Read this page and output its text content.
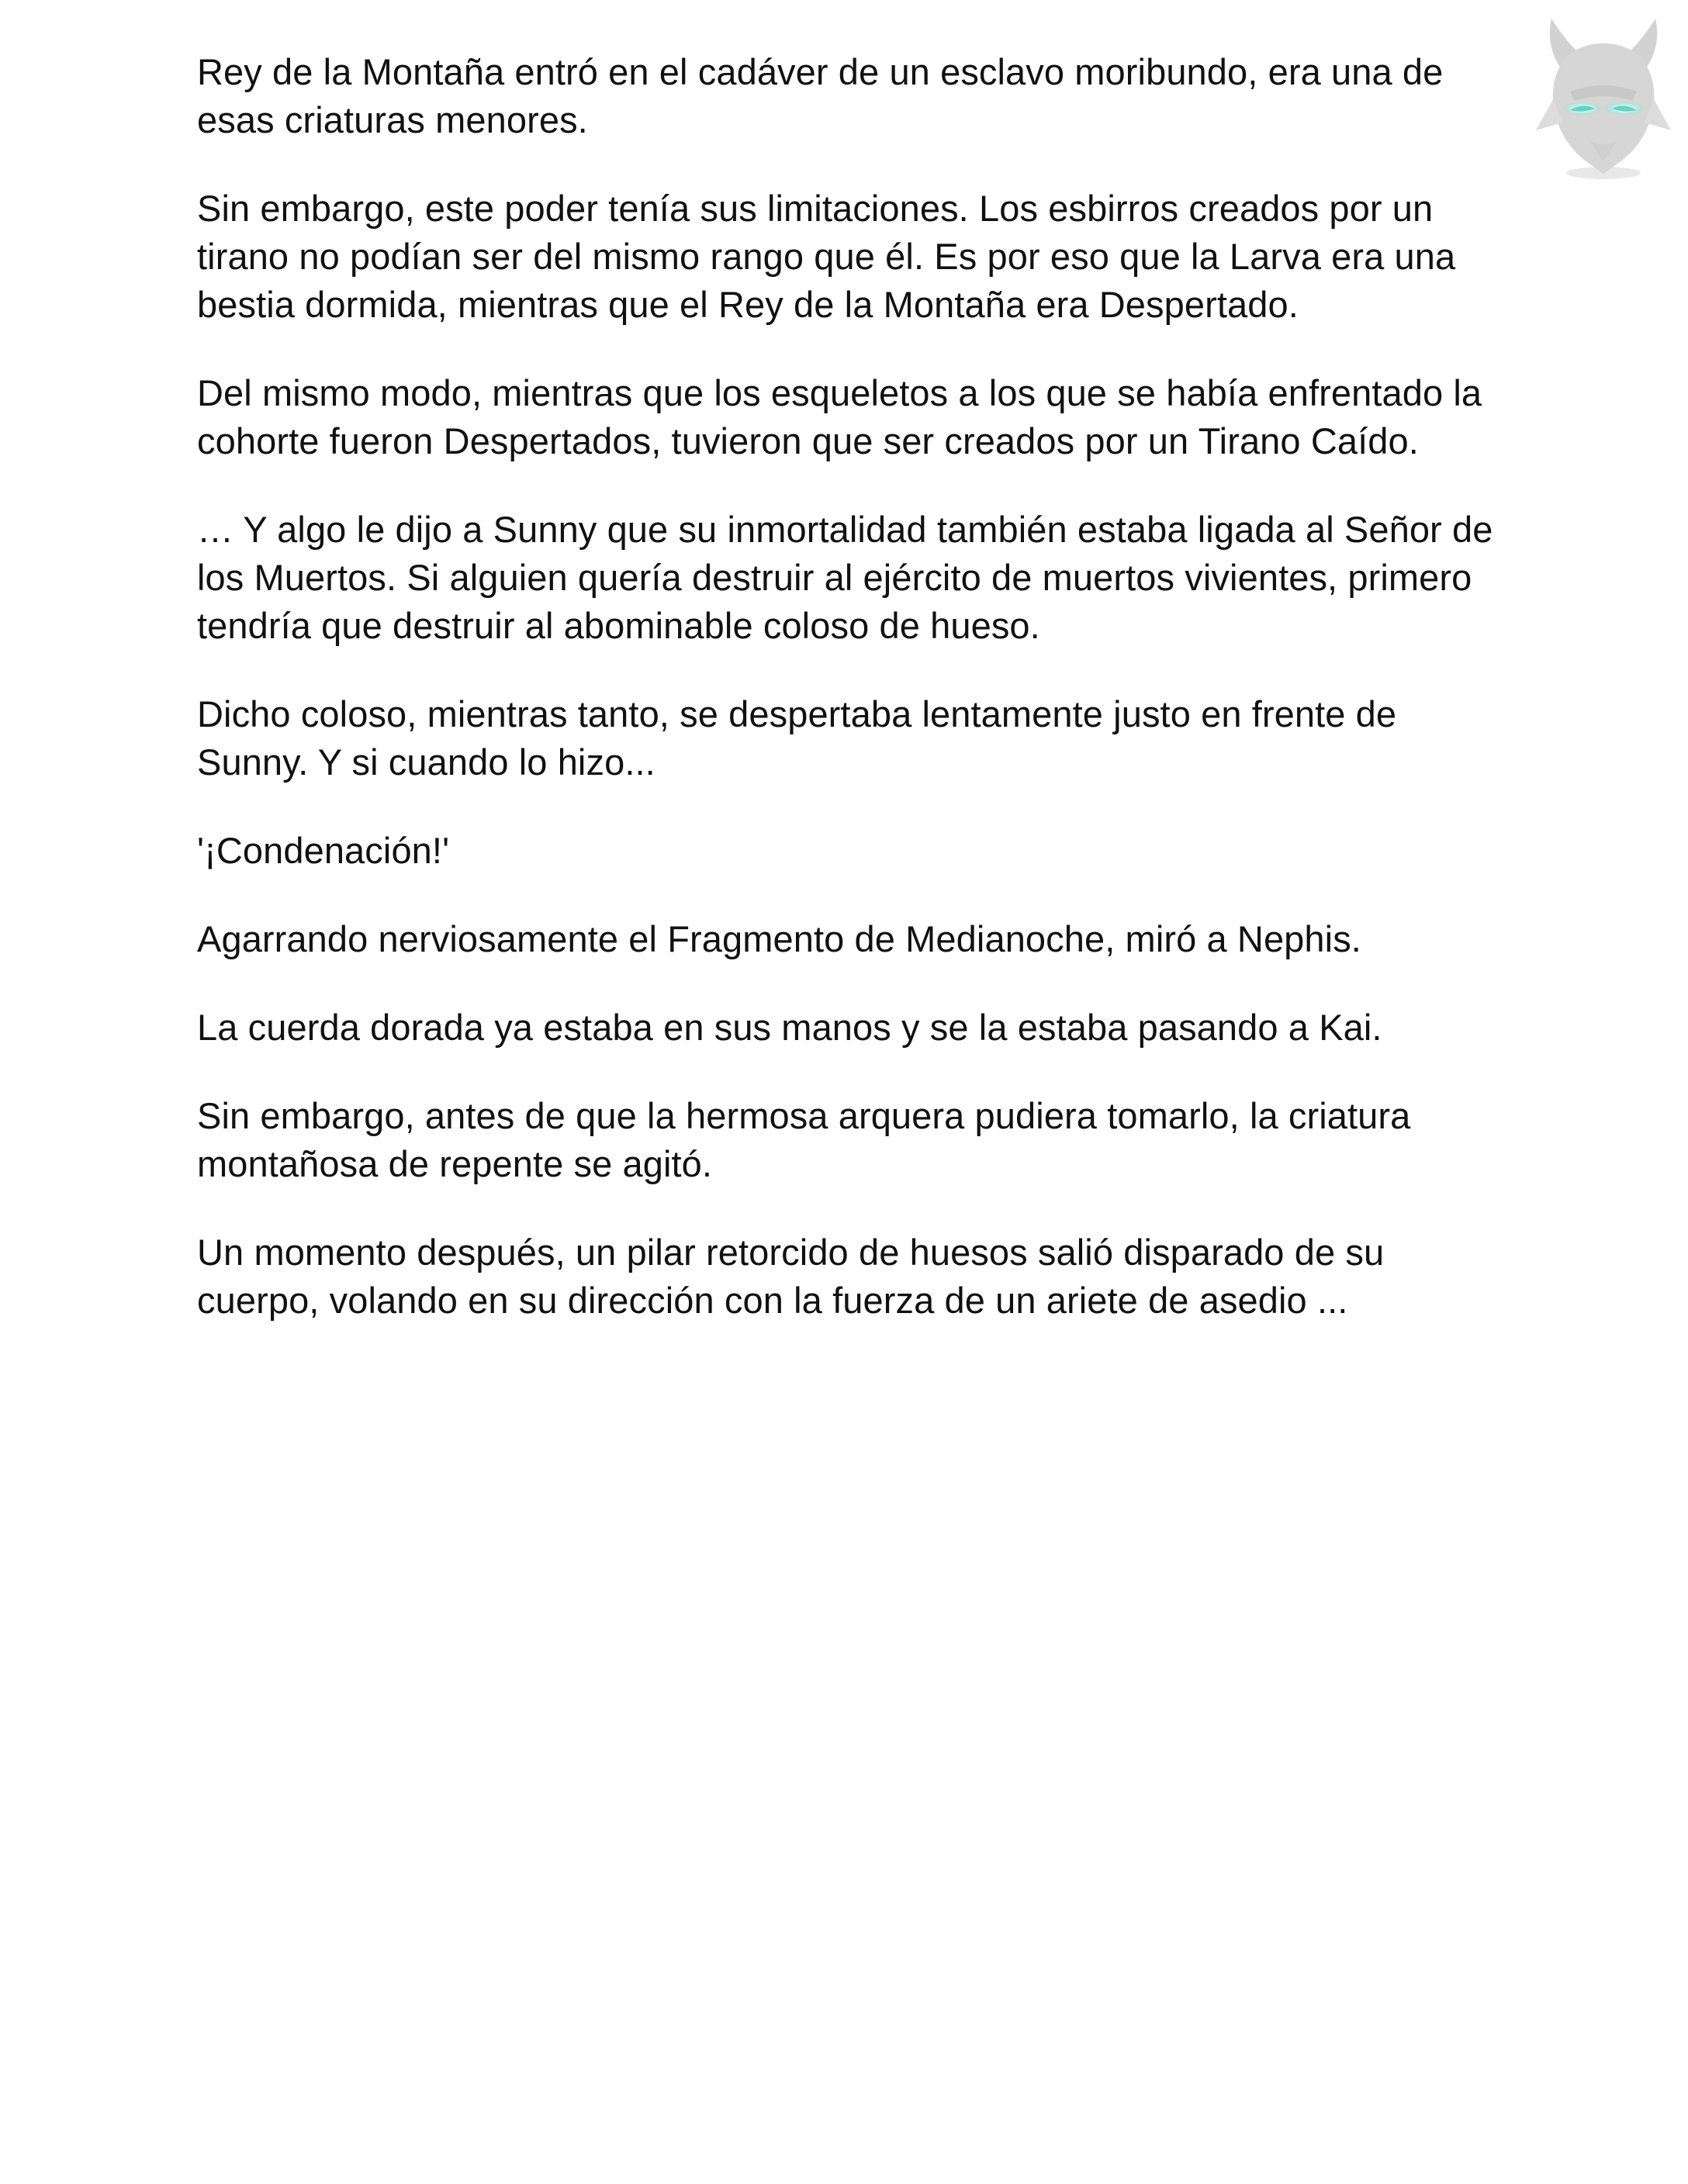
Rey de la Montaña entró en el cadáver de un esclavo moribundo, era una de esas criaturas menores.

Sin embargo, este poder tenía sus limitaciones. Los esbirros creados por un tirano no podían ser del mismo rango que él. Es por eso que la Larva era una bestia dormida, mientras que el Rey de la Montaña era Despertado.

Del mismo modo, mientras que los esqueletos a los que se había enfrentado la cohorte fueron Despertados, tuvieron que ser creados por un Tirano Caído.

… Y algo le dijo a Sunny que su inmortalidad también estaba ligada al Señor de los Muertos. Si alguien quería destruir al ejército de muertos vivientes, primero tendría que destruir al abominable coloso de hueso.

Dicho coloso, mientras tanto, se despertaba lentamente justo en frente de Sunny. Y si cuando lo hizo...

'¡Condenación!'

Agarrando nerviosamente el Fragmento de Medianoche, miró a Nephis.

La cuerda dorada ya estaba en sus manos y se la estaba pasando a Kai.

Sin embargo, antes de que la hermosa arquera pudiera tomarlo, la criatura montañosa de repente se agitó.

Un momento después, un pilar retorcido de huesos salió disparado de su cuerpo, volando en su dirección con la fuerza de un ariete de asedio ...
